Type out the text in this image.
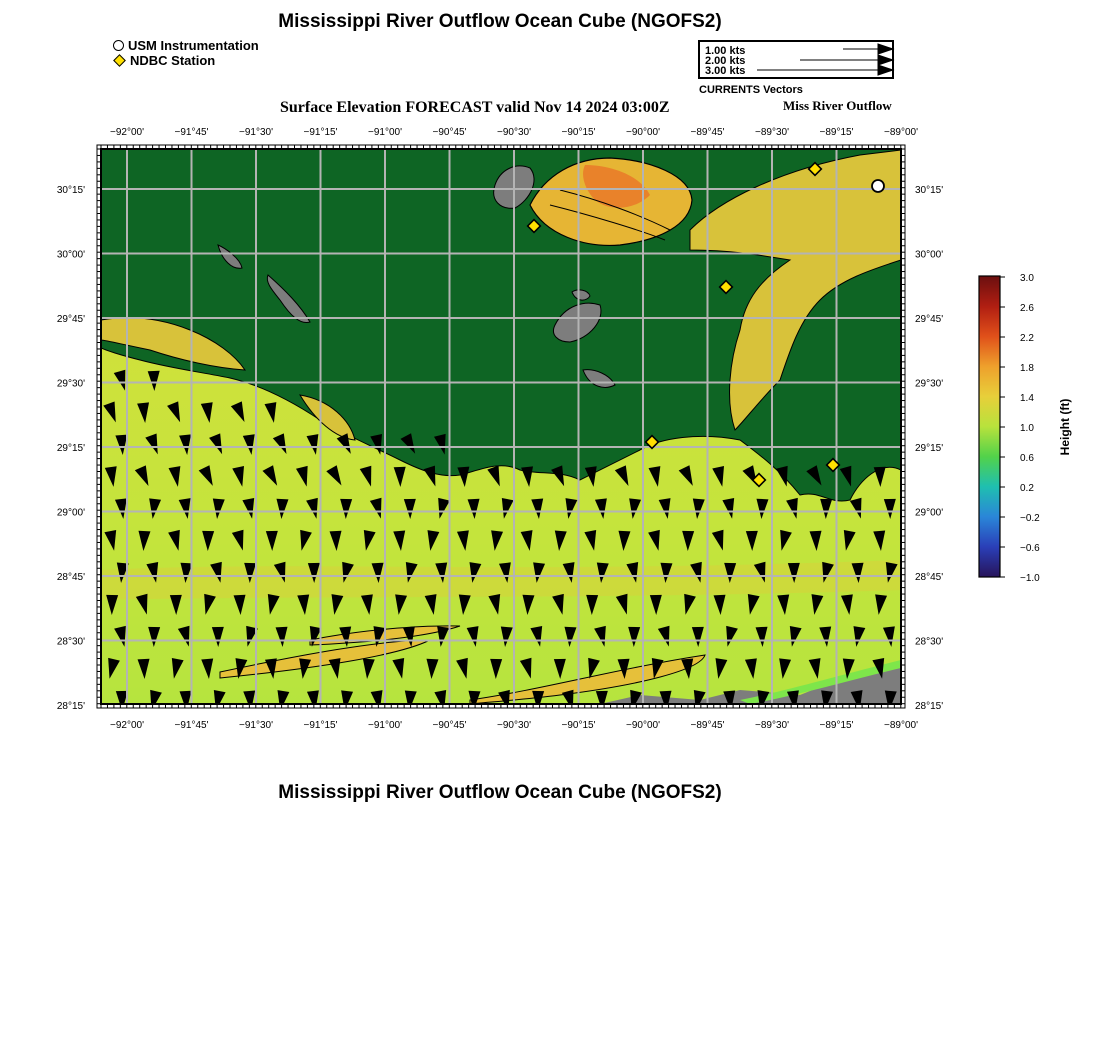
−92°00'	−91°45'	−91°30'	−91°15'	−91°00'	−90°45'	−90°30'	−90°15'	−90°00'	−89°45'	−89°30'	−89°15'	−89°00'
−92°00'	−91°45'	−91°30'	−91°15'	−91°00'	−90°45'	−90°30'	−90°15'	−90°00'	−89°45'	−89°30'	−89°15'	−89°00'
30°15'
30°00'
29°45'
29°30'
29°15'
29°00'
28°45'
28°30'
28°15'
30°15'
30°00'
29°45'
29°30'
29°15'
29°00'
28°45'
28°30'
28°15'
3.0
2.6
2.2
1.8
1.4
1.0
0.6
0.2
−0.2
−0.6
−1.0
Mississippi River Outflow Ocean Cube (NGOFS2)
USM Instrumentation
NDBC Station
1.00 kts
2.00 kts
3.00 kts
CURRENTS Vectors
Surface Elevation FORECAST valid Nov 14 2024 03:00Z	Miss River Outflow
Height (ft)
Mississippi River Outflow Ocean Cube (NGOFS2)
